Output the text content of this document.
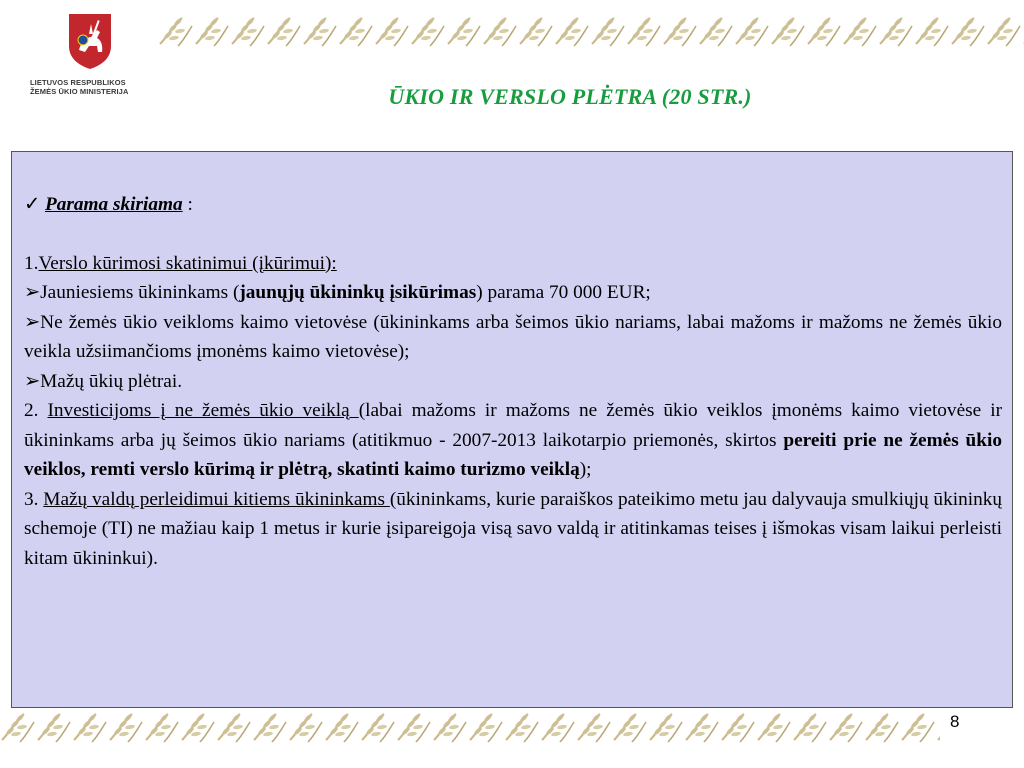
LIETUVOS RESPUBLIKOS
ŽEMĖS ŪKIO MINISTERIJA	ŪKIO IR VERSLO PLĖTRA (20 STR.)
✓ Parama skiriama :
1.Verslo kūrimosi skatinimui (įkūrimui):
➢Jauniesiems ūkininkams (jaunųjų ūkininkų įsikūrimas) parama 70 000 EUR;
➢Ne žemės ūkio veikloms kaimo vietovėse (ūkininkams arba šeimos ūkio nariams, labai mažoms ir mažoms ne žemės ūkio veikla užsiimančioms įmonėms kaimo vietovėse);
➢Mažų ūkių plėtrai.
2. Investicijoms į ne žemės ūkio veiklą (labai mažoms ir mažoms ne žemės ūkio veiklos įmonėms kaimo vietovėse ir ūkininkams arba jų šeimos ūkio nariams (atitikmuo - 2007-2013 laikotarpio priemonės, skirtos pereiti prie ne žemės ūkio veiklos, remti verslo kūrimą ir plėtrą, skatinti kaimo turizmo veiklą);
3. Mažų valdų perleidimui kitiems ūkininkams (ūkininkams, kurie paraiškos pateikimo metu jau dalyvauja smulkiųjų ūkininkų schemoje (TI) ne mažiau kaip 1 metus ir kurie įsipareigoja visą savo valdą ir atitinkamas teises į išmokas visam laikui perleisti kitam ūkininkui).
8
